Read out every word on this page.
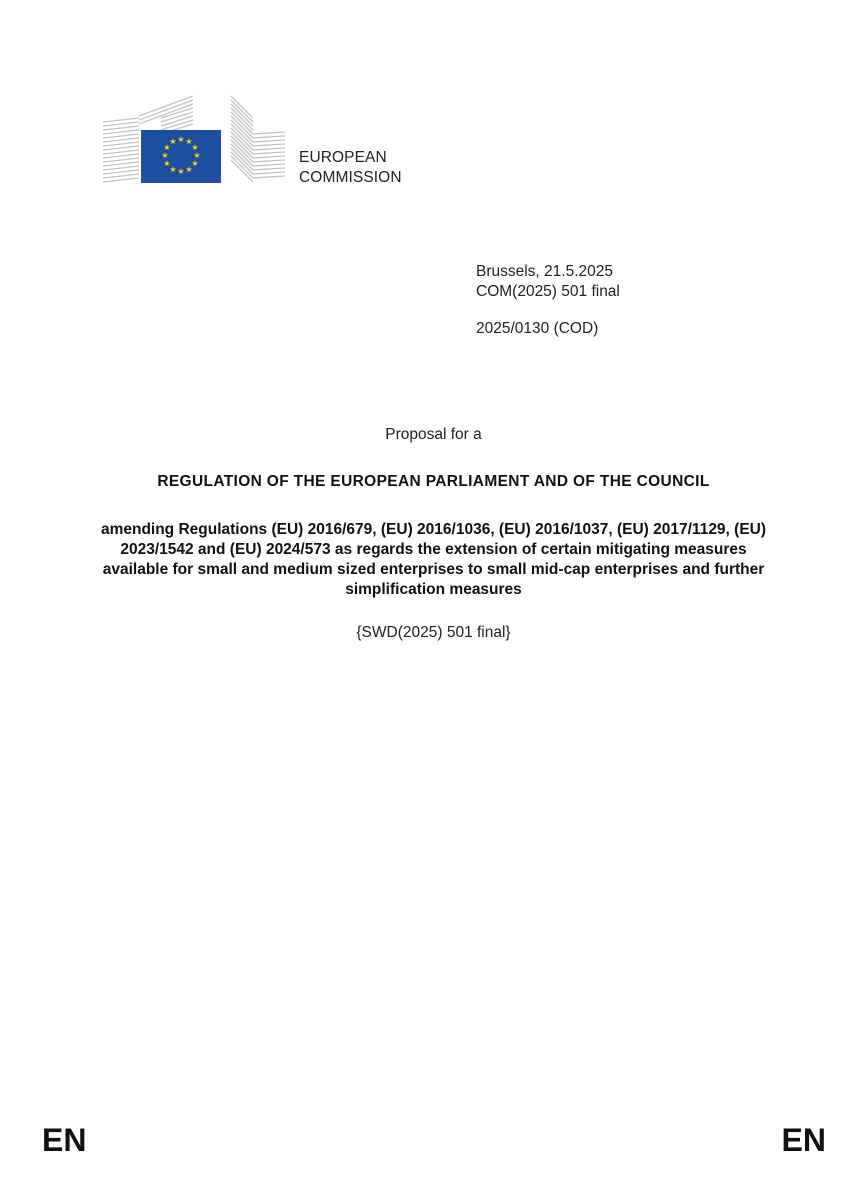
★ ★
★
★
★
★
★
★
★
★
★
★
EUROPEAN
COMMISSION
Brussels, 21.5.2025
COM(2025) 501 final
2025/0130 (COD)
Proposal for a
REGULATION OF THE EUROPEAN PARLIAMENT AND OF THE COUNCIL
amending Regulations (EU) 2016/679, (EU) 2016/1036, (EU) 2016/1037, (EU) 2017/1129, (EU) 2023/1542 and (EU) 2024/573 as regards the extension of certain mitigating measures available for small and medium sized enterprises to small mid-cap enterprises and further simplification measures
{SWD(2025) 501 final}
EN	EN
